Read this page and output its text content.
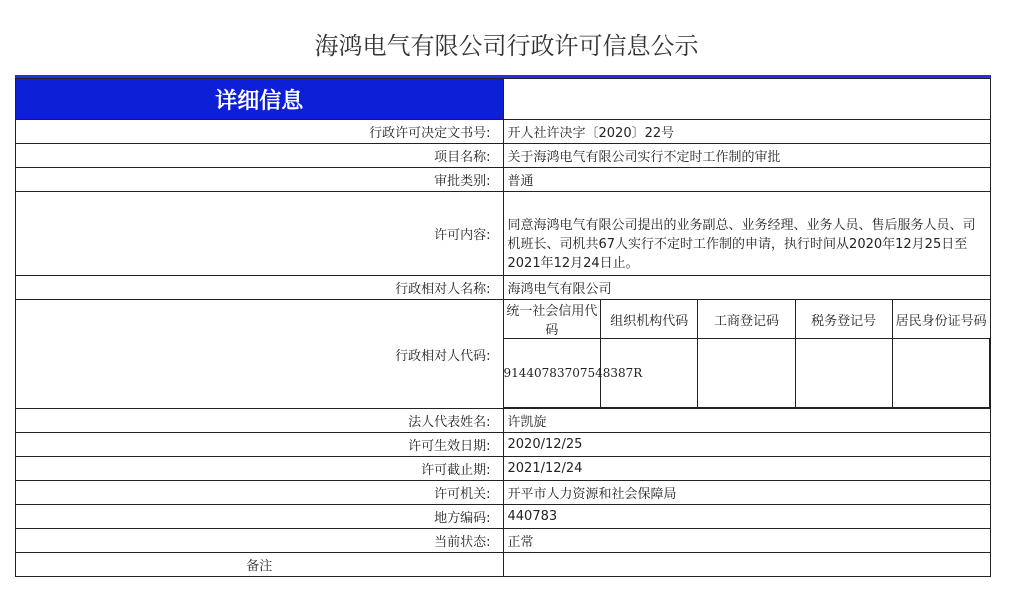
海鸿电气有限公司行政许可信息公示
详细信息	
行政许可决定文书号:	开人社许决字〔2020〕22号
项目名称:	关于海鸿电气有限公司实行不定时工作制的审批
审批类别:	普通
许可内容:	同意海鸿电气有限公司提出的业务副总、业务经理、业务人员、售后服务人员、司机班长、司机共67人实行不定时工作制的申请，执行时间从2020年12月25日至2021年12月24日止。
行政相对人名称:	海鸿电气有限公司
行政相对人代码:	
统一社会信用代码	组织机构代码	工商登记码	税务登记号	居民身份证号码
91440783707548387R				

法人代表姓名:	许凯旋
许可生效日期:	2020/12/25
许可截止期:	2021/12/24
许可机关:	开平市人力资源和社会保障局
地方编码:	440783
当前状态:	正常
备注	
